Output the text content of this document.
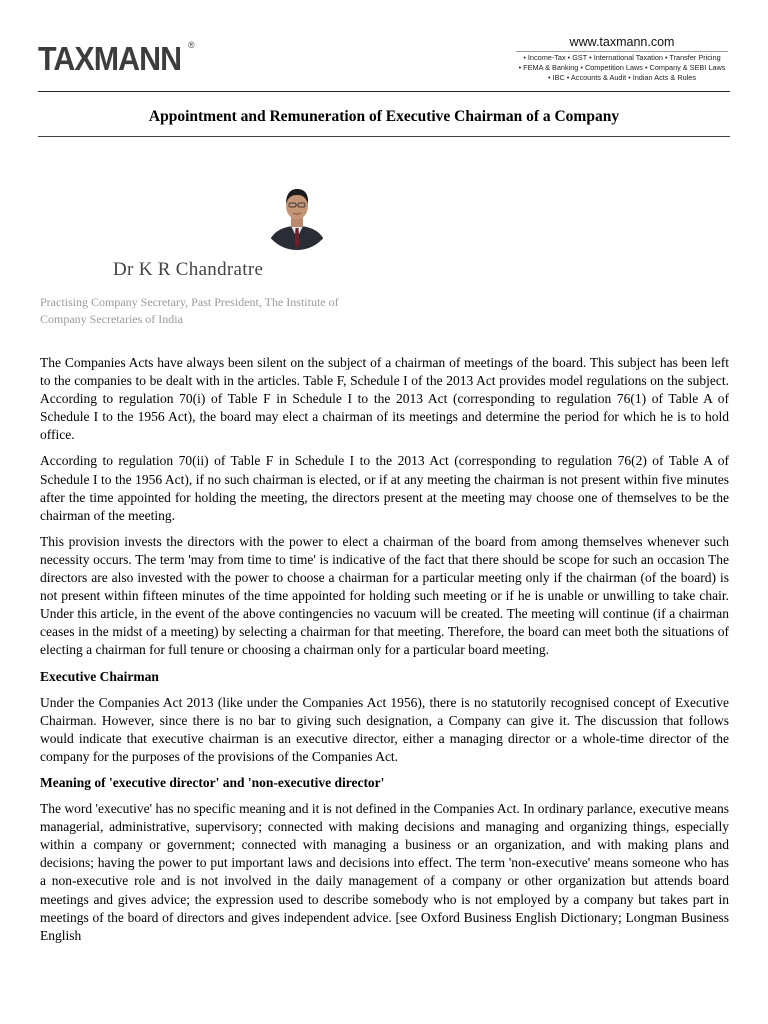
TAXMANN ®	www.taxmann.com
• Income-Tax • GST • International Taxation • Transfer Pricing
• FEMA & Banking • Competition Laws • Company & SEBI Laws
• IBC • Accounts & Audit • Indian Acts & Rules
Appointment and Remuneration of Executive Chairman of a Company
Dr K R Chandratre
Practising Company Secretary, Past President, The Institute of Company Secretaries of India

The Companies Acts have always been silent on the subject of a chairman of meetings of the board. This subject has been left to the companies to be dealt with in the articles. Table F, Schedule I of the 2013 Act provides model regulations on the subject. According to regulation 70(i) of Table F in Schedule I to the 2013 Act (corresponding to regulation 76(1) of Table A of Schedule I to the 1956 Act), the board may elect a chairman of its meetings and determine the period for which he is to hold office.

According to regulation 70(ii) of Table F in Schedule I to the 2013 Act (corresponding to regulation 76(2) of Table A of Schedule I to the 1956 Act), if no such chairman is elected, or if at any meeting the chairman is not present within five minutes after the time appointed for holding the meeting, the directors present at the meeting may choose one of themselves to be the chairman of the meeting.

This provision invests the directors with the power to elect a chairman of the board from among themselves whenever such necessity occurs. The term 'may from time to time' is indicative of the fact that there should be scope for such an occasion The directors are also invested with the power to choose a chairman for a particular meeting only if the chairman (of the board) is not present within fifteen minutes of the time appointed for holding such meeting or if he is unable or unwilling to take chair. Under this article, in the event of the above contingencies no vacuum will be created. The meeting will continue (if a chairman ceases in the midst of a meeting) by selecting a chairman for that meeting. Therefore, the board can meet both the situations of electing a chairman for full tenure or choosing a chairman only for a particular board meeting.

Executive Chairman

Under the Companies Act 2013 (like under the Companies Act 1956), there is no statutorily recognised concept of Executive Chairman. However, since there is no bar to giving such designation, a Company can give it. The discussion that follows would indicate that executive chairman is an executive director, either a managing director or a whole-time director of the company for the purposes of the provisions of the Companies Act.

Meaning of 'executive director' and 'non-executive director'

The word 'executive' has no specific meaning and it is not defined in the Companies Act. In ordinary parlance, executive means managerial, administrative, supervisory; connected with making decisions and managing and organizing things, especially within a company or government; connected with managing a business or an organization, and with making plans and decisions; having the power to put important laws and decisions into effect. The term 'non-executive' means someone who has a non-executive role and is not involved in the daily management of a company or other organization but attends board meetings and gives advice; the expression used to describe somebody who is not employed by a company but takes part in meetings of the board of directors and gives independent advice. [see Oxford Business English Dictionary; Longman Business English
